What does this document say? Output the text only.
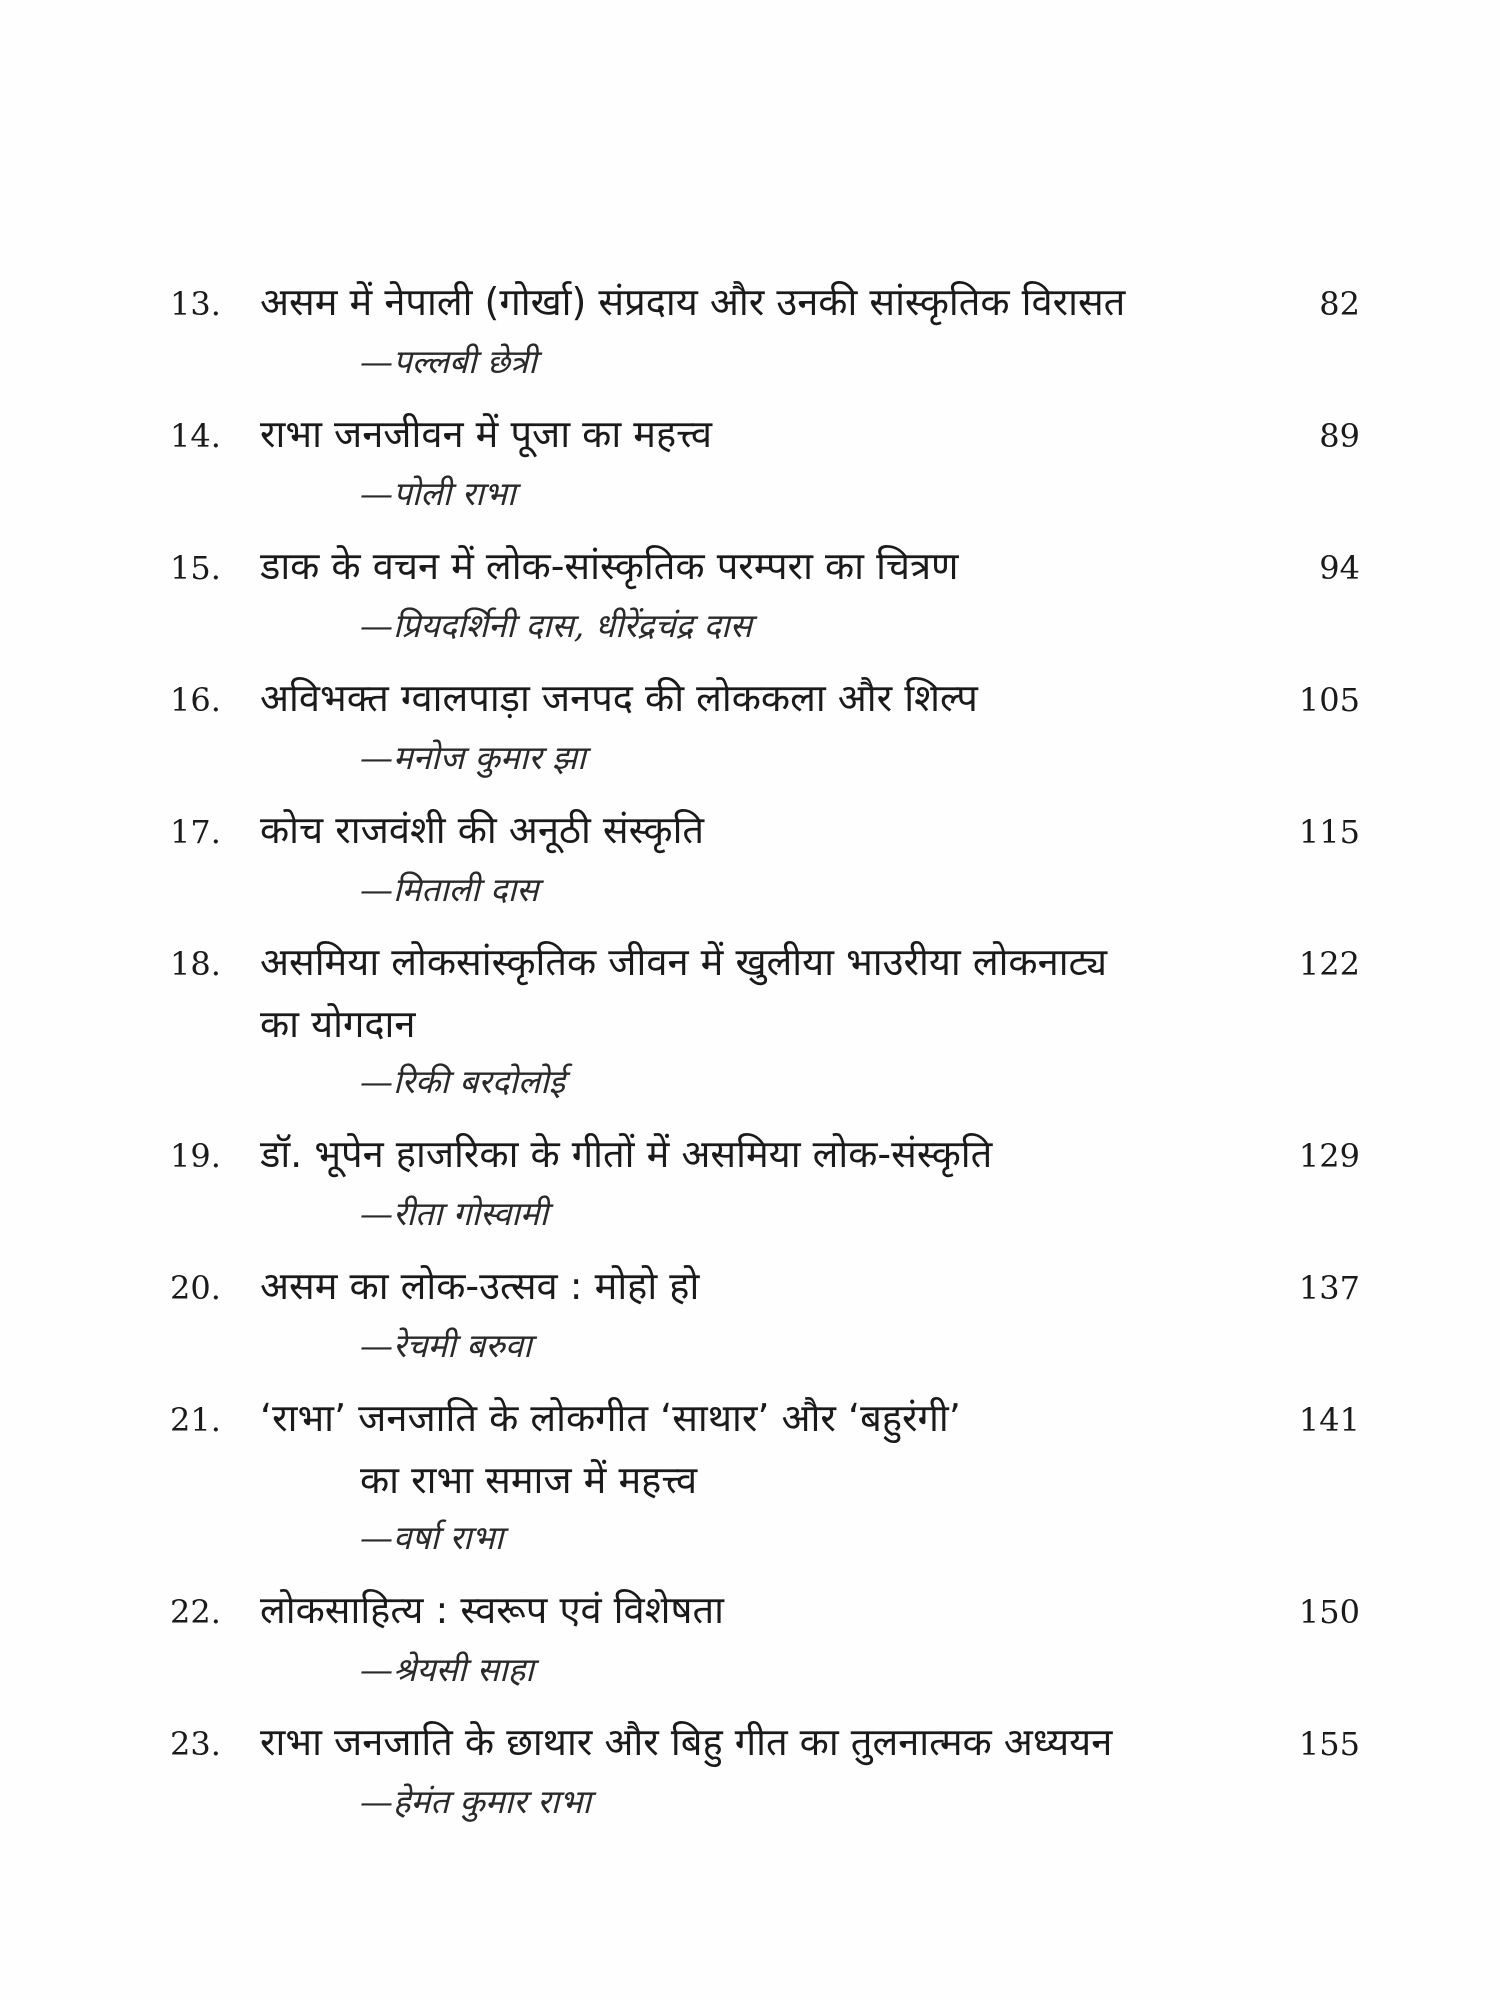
13.	असम में नेपाली (गोर्खा) संप्रदाय और उनकी सांस्कृतिक विरासत	82
—पल्लबी छेत्री
14.	राभा जनजीवन में पूजा का महत्त्व	89
—पोली राभा
15.	डाक के वचन में लोक-सांस्कृतिक परम्परा का चित्रण	94
—प्रियदर्शिनी दास, धीरेंद्रचंद्र दास
16.	अविभक्त ग्वालपाड़ा जनपद की लोककला और शिल्प	105
—मनोज कुमार झा
17.	कोच राजवंशी की अनूठी संस्कृति	115
—मिताली दास
18.	असमिया लोकसांस्कृतिक जीवन में खुलीया भाउरीया लोकनाट्य	122
का योगदान
—रिकी बरदोलोई
19.	डॉ. भूपेन हाजरिका के गीतों में असमिया लोक-संस्कृति	129
—रीता गोस्वामी
20.	असम का लोक-उत्सव : मोहो हो	137
—रेचमी बरुवा
21.	‘राभा’ जनजाति के लोकगीत ‘साथार’ और ‘बहुरंगी’	141
का राभा समाज में महत्त्व
—वर्षा राभा
22.	लोकसाहित्य : स्वरूप एवं विशेषता	150
—श्रेयसी साहा
23.	राभा जनजाति के छाथार और बिहु गीत का तुलनात्मक अध्ययन	155
—हेमंत कुमार राभा
